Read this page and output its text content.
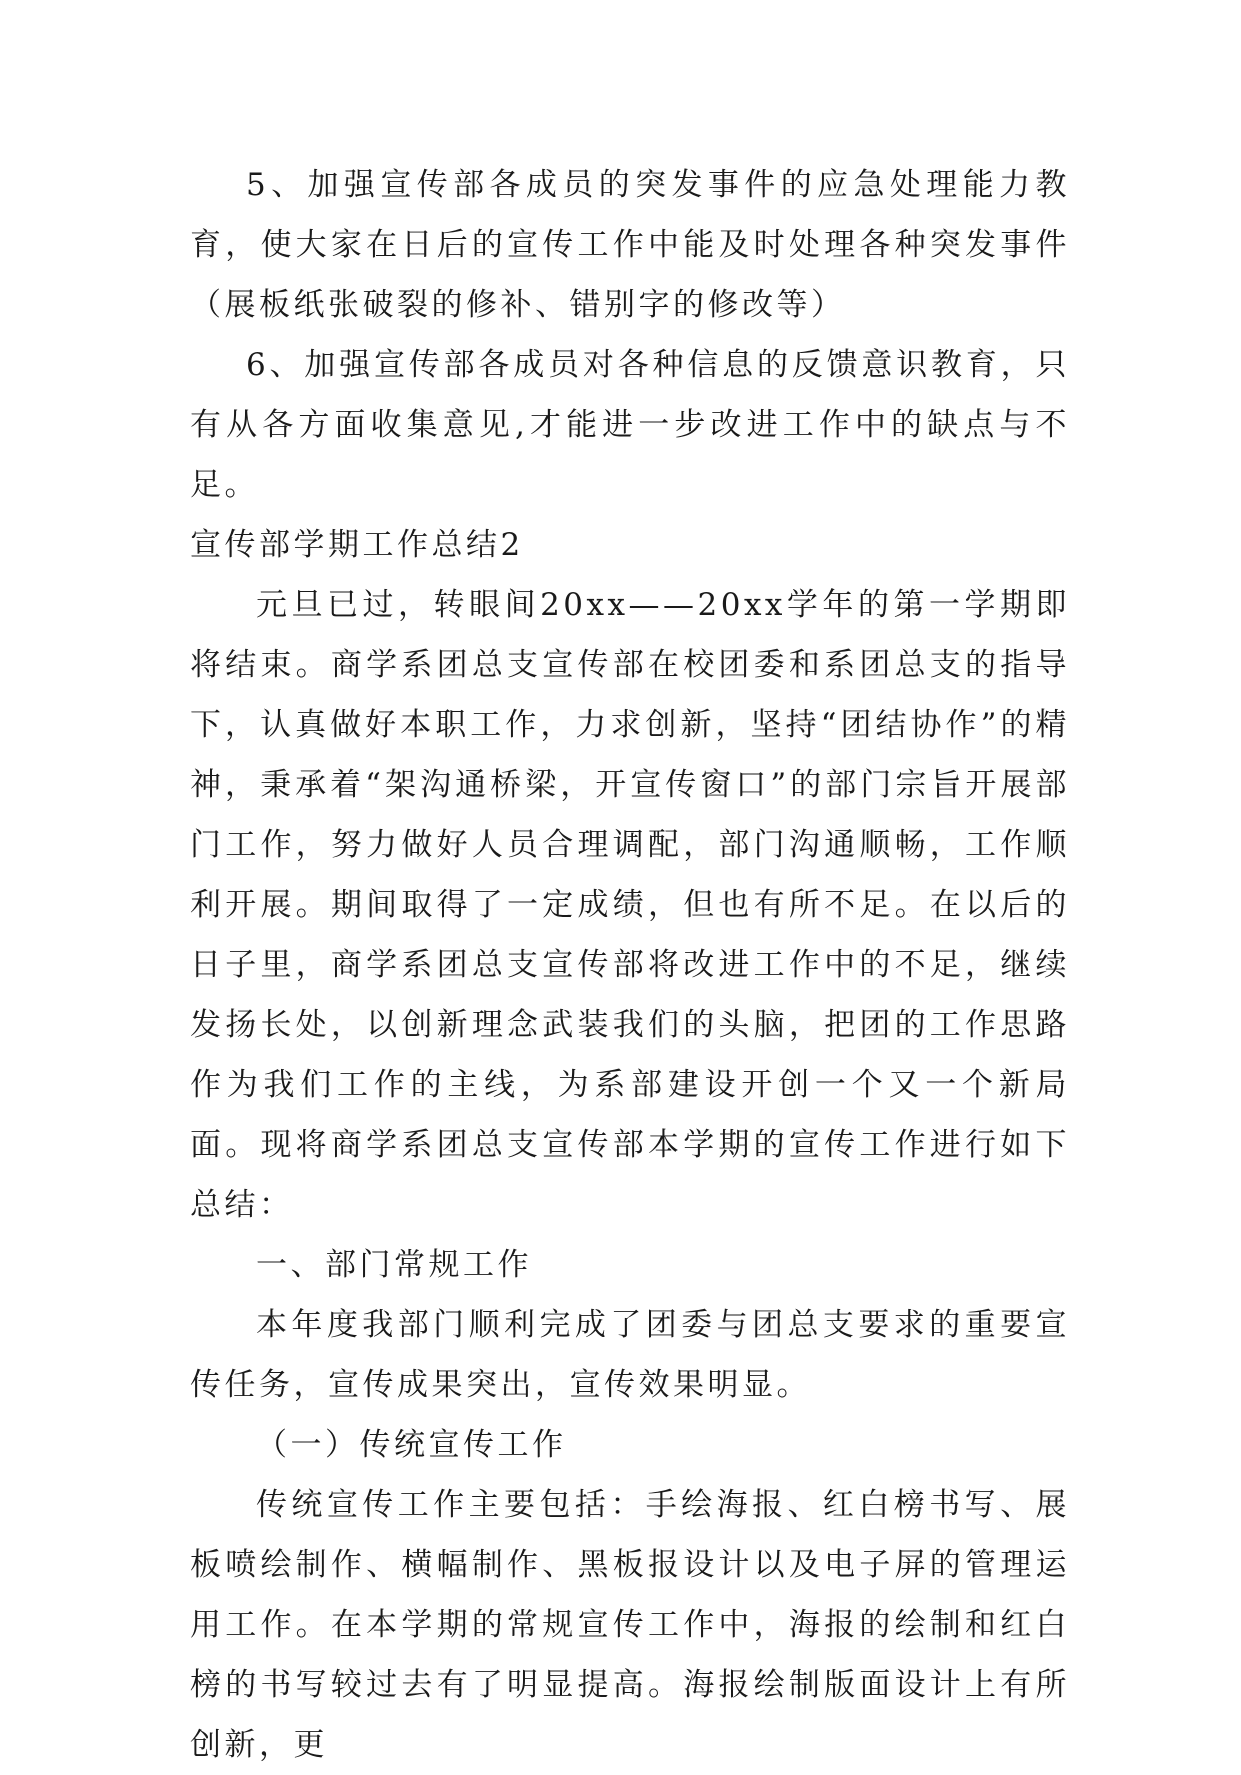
5、加强宣传部各成员的突发事件的应急处理能力教育，使大家在日后的宣传工作中能及时处理各种突发事件（展板纸张破裂的修补、错别字的修改等）

6、加强宣传部各成员对各种信息的反馈意识教育，只有从各方面收集意见,才能进一步改进工作中的缺点与不足。

宣传部学期工作总结2

元旦已过，转眼间20xx——20xx学年的第一学期即将结束。商学系团总支宣传部在校团委和系团总支的指导下，认真做好本职工作，力求创新，坚持“团结协作”的精神，秉承着“架沟通桥梁，开宣传窗口”的部门宗旨开展部门工作，努力做好人员合理调配，部门沟通顺畅，工作顺利开展。期间取得了一定成绩，但也有所不足。在以后的日子里，商学系团总支宣传部将改进工作中的不足，继续发扬长处，以创新理念武装我们的头脑，把团的工作思路作为我们工作的主线，为系部建设开创一个又一个新局面。现将商学系团总支宣传部本学期的宣传工作进行如下总结：

一、部门常规工作

本年度我部门顺利完成了团委与团总支要求的重要宣传任务，宣传成果突出，宣传效果明显。

（一）传统宣传工作

传统宣传工作主要包括：手绘海报、红白榜书写、展板喷绘制作、横幅制作、黑板报设计以及电子屏的管理运用工作。在本学期的常规宣传工作中，海报的绘制和红白榜的书写较过去有了明显提高。海报绘制版面设计上有所创新，更
